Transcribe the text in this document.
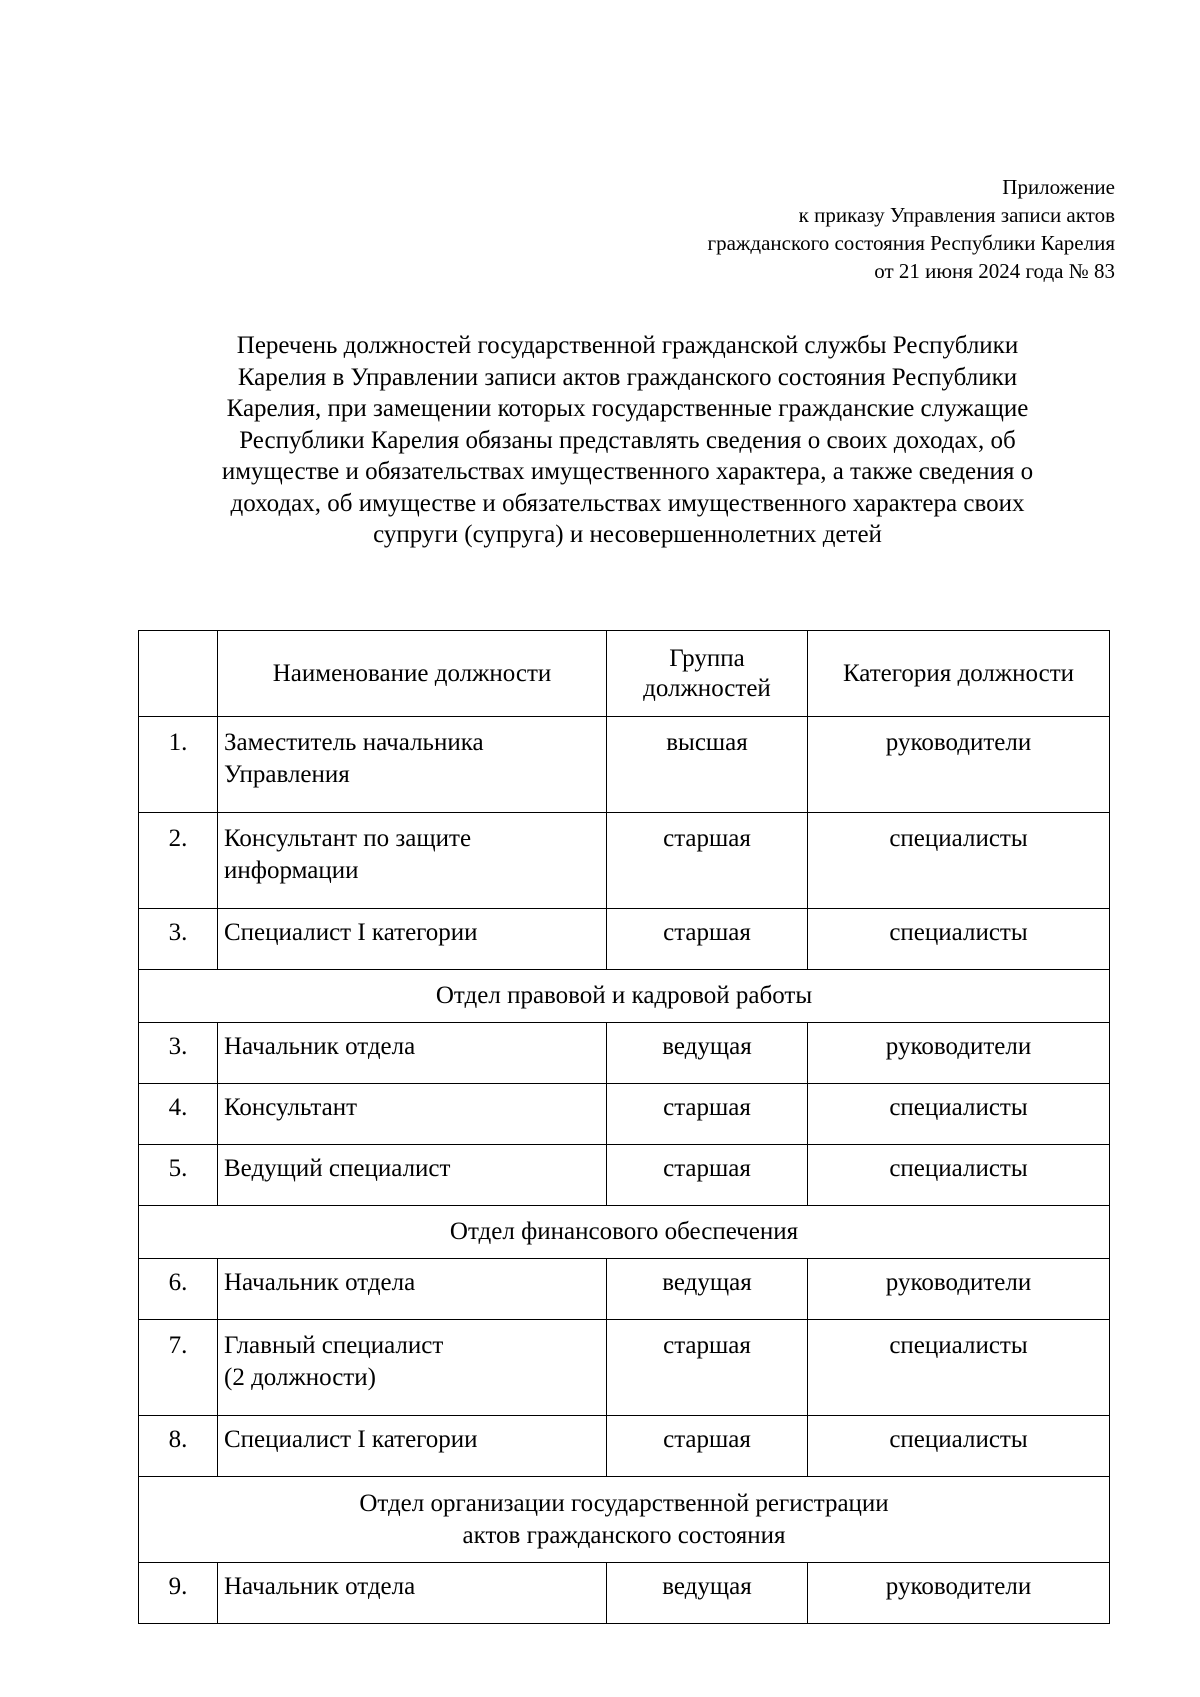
Приложение
к приказу Управления записи актов
гражданского состояния Республики Карелия
от 21 июня 2024 года № 83
Перечень должностей государственной гражданской службы Республики
Карелия в Управлении записи актов гражданского состояния Республики
Карелия, при замещении которых государственные гражданские служащие
Республики Карелия обязаны представлять сведения о своих доходах, об
имуществе и обязательствах имущественного характера, а также сведения о
доходах, об имуществе и обязательствах имущественного характера своих
супруги (супруга) и несовершеннолетних детей
	Наименование должности	Группа
должностей	Категория должности
1.	Заместитель начальника
Управления	высшая	руководители
2.	Консультант по защите
информации	старшая	специалисты
3.	Специалист I категории	старшая	специалисты
Отдел правовой и кадровой работы			
3.	Начальник отдела	ведущая	руководители
4.	Консультант	старшая	специалисты
5.	Ведущий специалист	старшая	специалисты
Отдел финансового обеспечения			
6.	Начальник отдела	ведущая	руководители
7.	Главный специалист
(2 должности)	старшая	специалисты
8.	Специалист I категории	старшая	специалисты

Отдел организации государственной регистрации
актов гражданского состояния			

9.	Начальник отдела	ведущая	руководители
